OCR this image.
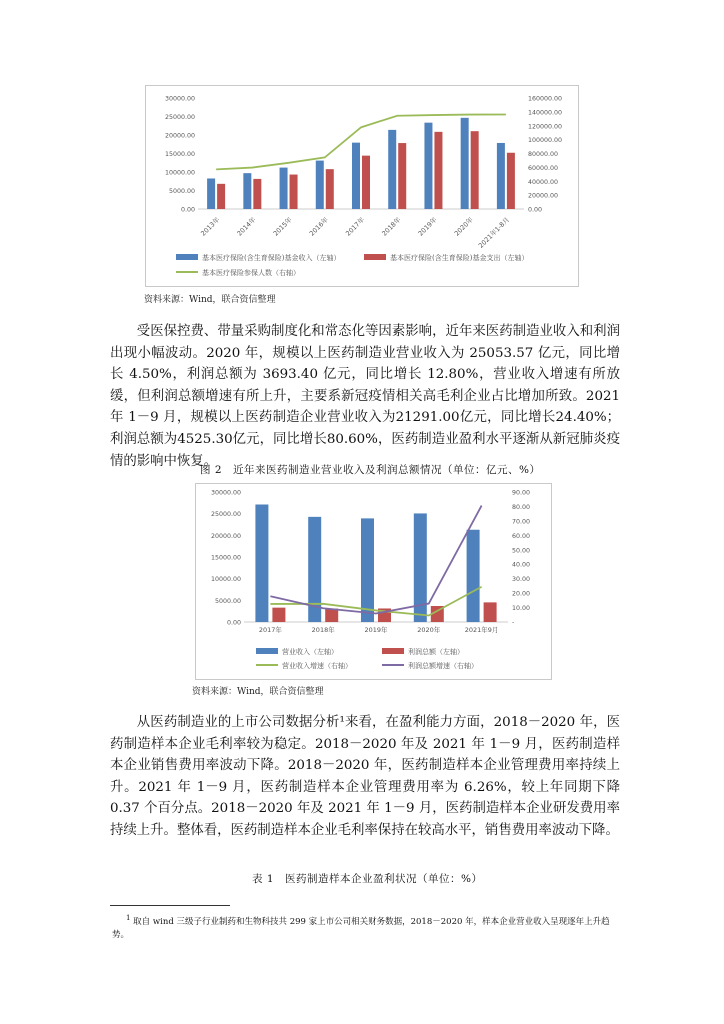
0.00
5000.00
10000.00
15000.00
20000.00
25000.00
30000.00
0.00
20000.00
40000.00
60000.00
80000.00
100000.00
120000.00
140000.00
160000.00
2013年 2014年 2015年 2016年 2017年 2018年 2019年 2020年 2021年1-8月
基本医疗保险(含生育保险)基金收入（左轴）	基本医疗保险(含生育保险)基金支出（左轴）
基本医疗保险参保人数（右轴）
资料来源：Wind，联合资信整理

受医保控费、带量采购制度化和常态化等因素影响，近年来医药制造业收入和利润出现小幅波动。2020 年，规模以上医药制造业营业收入为 25053.57 亿元，同比增长 4.50%，利润总额为 3693.40 亿元，同比增长 12.80%，营业收入增速有所放缓，但利润总额增速有所上升，主要系新冠疫情相关高毛利企业占比增加所致。2021 年 1－9 月，规模以上医药制造企业营业收入为21291.00亿元，同比增长24.40%；利润总额为4525.30亿元，同比增长80.60%，医药制造业盈利水平逐渐从新冠肺炎疫情的影响中恢复。

图 2　近年来医药制造业营业收入及利润总额情况（单位：亿元、%）
0.00
5000.00
10000.00
15000.00
20000.00
25000.00
30000.00
-
10.00
20.00
30.00
40.00
50.00
60.00
70.00
80.00
90.00
2017年	2018年	2019年	2020年	2021年9月
营业收入（左轴）	利润总额（左轴）
营业收入增速（右轴）	利润总额增速（右轴）
资料来源：Wind，联合资信整理

从医药制造业的上市公司数据分析¹来看，在盈利能力方面，2018－2020 年，医药制造样本企业毛利率较为稳定。2018－2020 年及 2021 年 1－9 月，医药制造样本企业销售费用率波动下降。2018－2020 年，医药制造样本企业管理费用率持续上升。2021 年 1－9 月，医药制造样本企业管理费用率为 6.26%，较上年同期下降 0.37 个百分点。2018－2020 年及 2021 年 1－9 月，医药制造样本企业研发费用率持续上升。整体看，医药制造样本企业毛利率保持在较高水平，销售费用率波动下降。

表 1　医药制造样本企业盈利状况（单位：%）
$^1$ 取自 wind 三级子行业制药和生物科技共 299 家上市公司相关财务数据，2018－2020 年，样本企业营业收入呈现逐年上升趋势。
